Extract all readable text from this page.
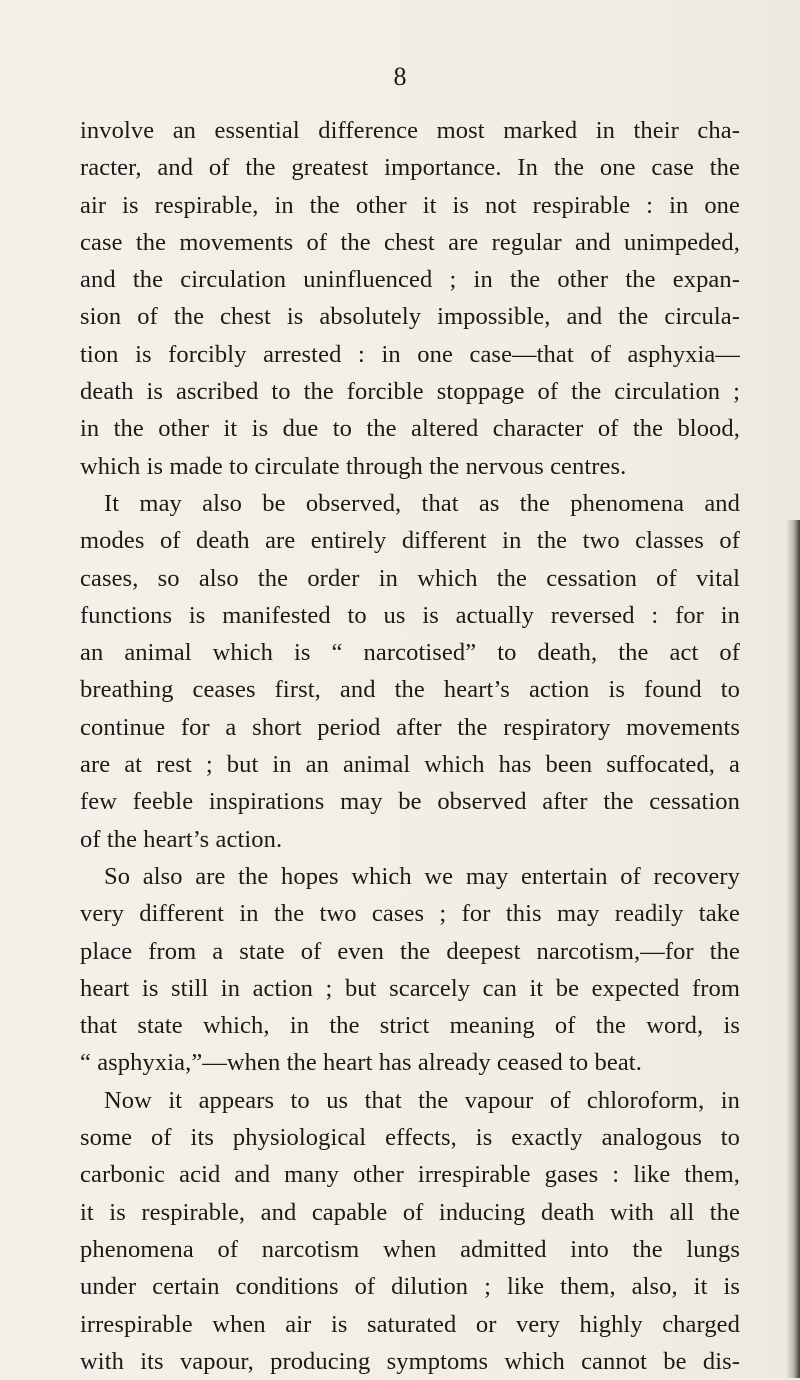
8
involve an essential difference most marked in their cha-
racter, and of the greatest importance. In the one case the
air is respirable, in the other it is not respirable : in one
case the movements of the chest are regular and unimpeded,
and the circulation uninfluenced ; in the other the expan-
sion of the chest is absolutely impossible, and the circula-
tion is forcibly arrested : in one case—that of asphyxia—
death is ascribed to the forcible stoppage of the circulation ;
in the other it is due to the altered character of the blood,
which is made to circulate through the nervous centres.
It may also be observed, that as the phenomena and
modes of death are entirely different in the two classes of
cases, so also the order in which the cessation of vital
functions is manifested to us is actually reversed : for in
an animal which is “ narcotised” to death, the act of
breathing ceases first, and the heart’s action is found to
continue for a short period after the respiratory movements
are at rest ; but in an animal which has been suffocated, a
few feeble inspirations may be observed after the cessation
of the heart’s action.
So also are the hopes which we may entertain of recovery
very different in the two cases ; for this may readily take
place from a state of even the deepest narcotism,—for the
heart is still in action ; but scarcely can it be expected from
that state which, in the strict meaning of the word, is
“ asphyxia,”—when the heart has already ceased to beat.
Now it appears to us that the vapour of chloroform, in
some of its physiological effects, is exactly analogous to
carbonic acid and many other irrespirable gases : like them,
it is respirable, and capable of inducing death with all the
phenomena of narcotism when admitted into the lungs
under certain conditions of dilution ; like them, also, it is
irrespirable when air is saturated or very highly charged
with its vapour, producing symptoms which cannot be dis-
